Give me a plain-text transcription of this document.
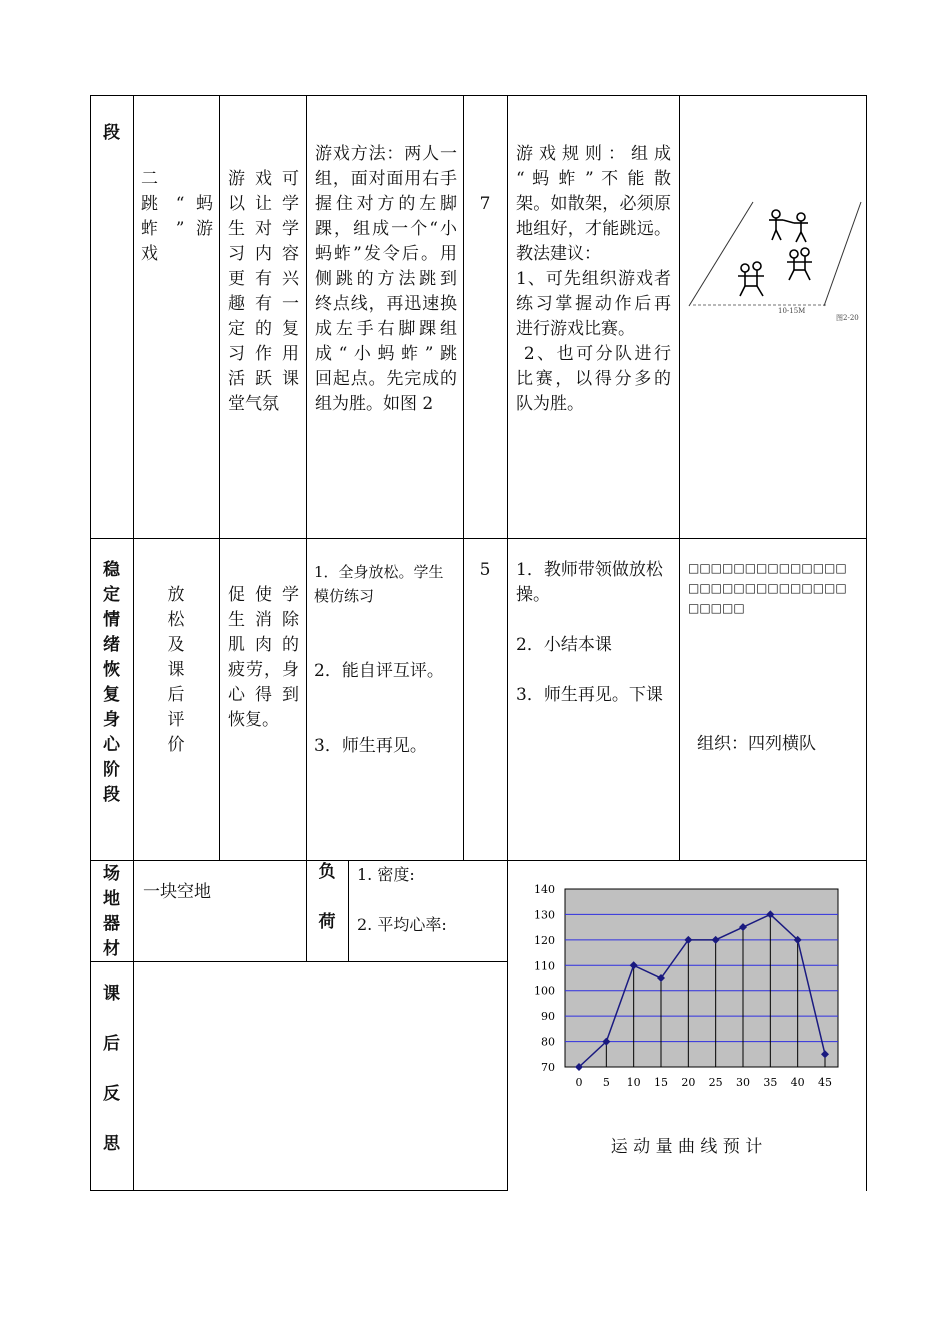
段
二
跳 “ 蚂
蚱 ” 游
戏
游 戏 可
以 让 学
生 对 学
习 内 容
更 有 兴
趣 有 一
定 的 复
习 作 用
活 跃 课
堂气氛
游戏方法：两人一
组，面对面用右手
握住对方的左脚
踝，组成一个“小
蚂蚱”发令后。用
侧跳的方法跳到
终点线，再迅速换
成左手右脚踝组
成“小蚂蚱”跳
回起点。先完成的
组为胜。如图 2
7
游 戏 规 则 ： 组 成
“ 蚂 蚱 ” 不 能 散
架。如散架，必须原
地组好，才能跳远。
教法建议：
1、可先组织游戏者
练习掌握动作后再
进行游戏比赛。
2、也可分队进行
比赛，以得分多的
队为胜。
10-15M
图2-20
稳
定
情
绪
恢
复
身
心
阶
段
放
松
及
课
后
评
价
促 使 学
生 消 除
肌 肉 的
疲劳，身
心 得 到
恢复。
1．全身放松。学生模仿练习
2．能自评互评。
3．师生再见。
5	1．教师带领做放松操。
2．小结本课
3．师生再见。下课
□□□□□□□□□□□□□□□□□□□□□□□□□□□□□□□□□
组织：四列横队
场
地
器
材
一块空地
负
荷
1. 密度:
2. 平均心率:
课
后
反
思
70
80
90
100
110
120
130
140
0 5 10 15 20 25 30 35 40 45
运 动 量 曲 线 预 计
